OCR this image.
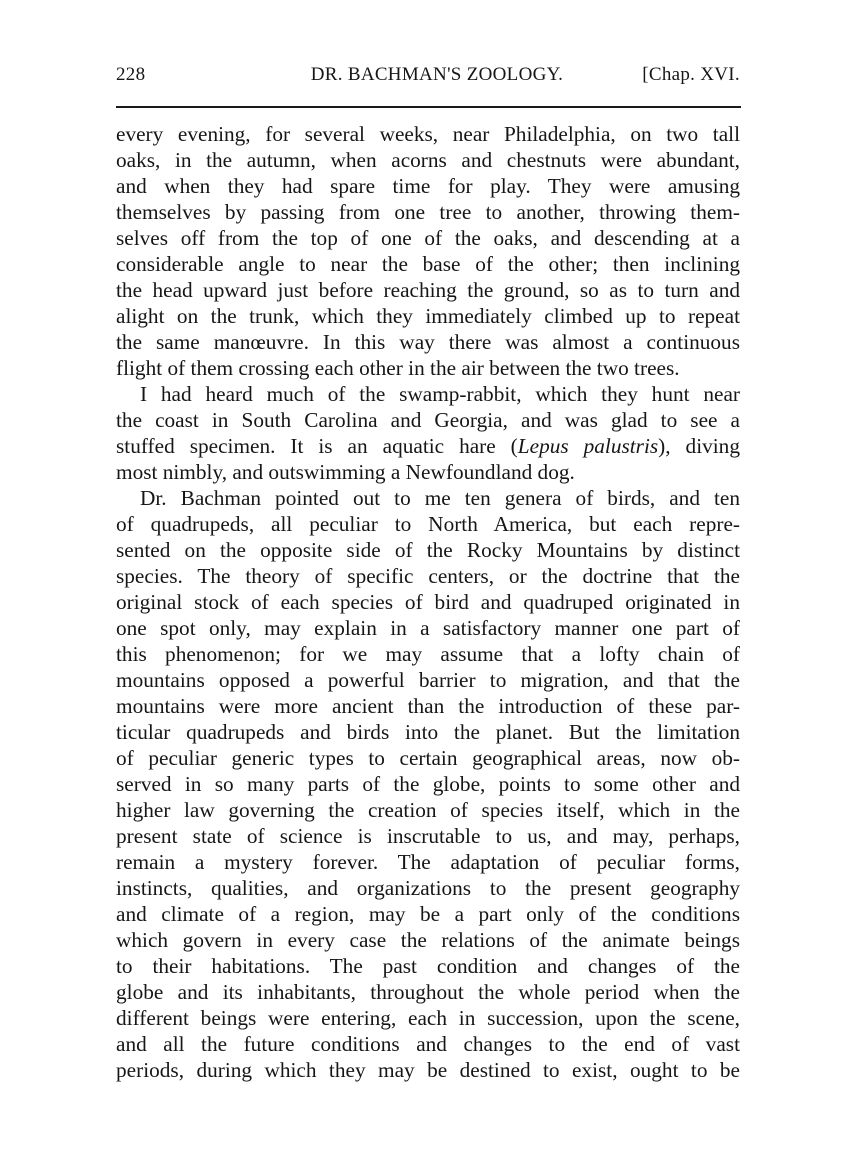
228	DR. BACHMAN'S ZOOLOGY.	[Chap. XVI.
every evening, for several weeks, near Philadelphia, on two tall
oaks, in the autumn, when acorns and chestnuts were abundant,
and when they had spare time for play. They were amusing
themselves by passing from one tree to another, throwing them-
selves off from the top of one of the oaks, and descending at a
considerable angle to near the base of the other; then inclining
the head upward just before reaching the ground, so as to turn and
alight on the trunk, which they immediately climbed up to repeat
the same manœuvre. In this way there was almost a continuous
flight of them crossing each other in the air between the two trees.
I had heard much of the swamp-rabbit, which they hunt near
the coast in South Carolina and Georgia, and was glad to see a
stuffed specimen. It is an aquatic hare (Lepus palustris), diving
most nimbly, and outswimming a Newfoundland dog.
Dr. Bachman pointed out to me ten genera of birds, and ten
of quadrupeds, all peculiar to North America, but each repre-
sented on the opposite side of the Rocky Mountains by distinct
species. The theory of specific centers, or the doctrine that the
original stock of each species of bird and quadruped originated in
one spot only, may explain in a satisfactory manner one part of
this phenomenon; for we may assume that a lofty chain of
mountains opposed a powerful barrier to migration, and that the
mountains were more ancient than the introduction of these par-
ticular quadrupeds and birds into the planet. But the limitation
of peculiar generic types to certain geographical areas, now ob-
served in so many parts of the globe, points to some other and
higher law governing the creation of species itself, which in the
present state of science is inscrutable to us, and may, perhaps,
remain a mystery forever. The adaptation of peculiar forms,
instincts, qualities, and organizations to the present geography
and climate of a region, may be a part only of the conditions
which govern in every case the relations of the animate beings
to their habitations. The past condition and changes of the
globe and its inhabitants, throughout the whole period when the
different beings were entering, each in succession, upon the scene,
and all the future conditions and changes to the end of vast
periods, during which they may be destined to exist, ought to be
